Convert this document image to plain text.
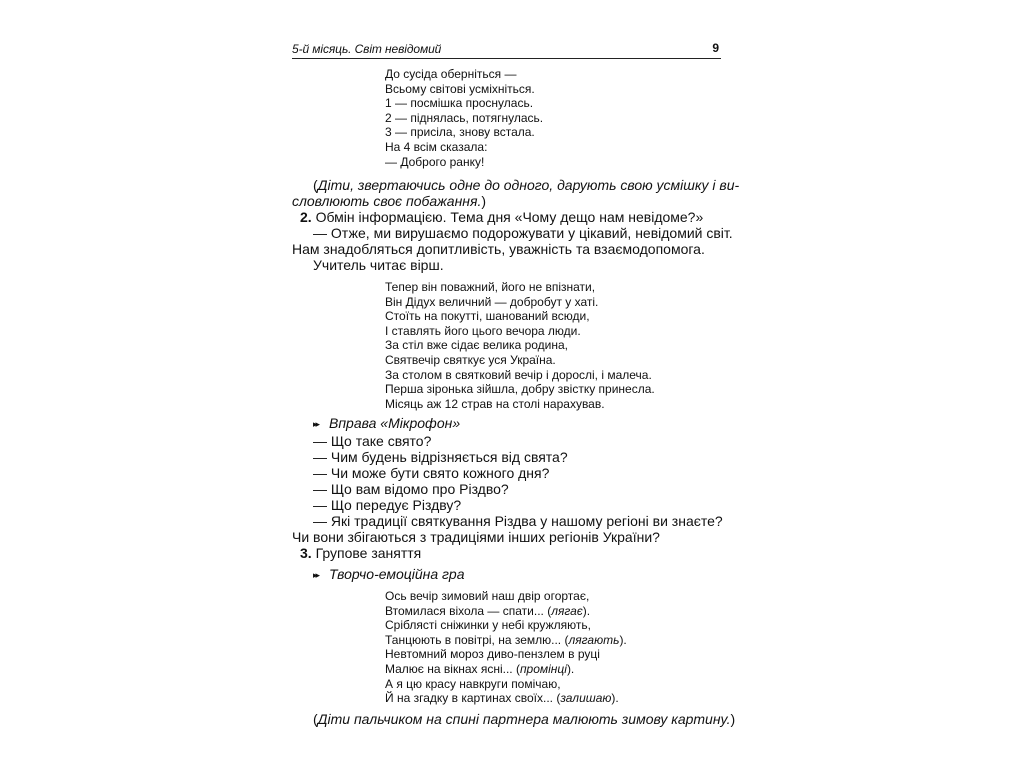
5-й місяць. Світ невідомий	9
До сусіда оберніться —
Всьому світові усміхніться.
1 — посмішка проснулась.
2 — піднялась, потягнулась.
3 — присіла, знову встала.
На 4 всім сказала:
— Доброго ранку!
(Діти, звертаючись одне до одного, дарують свою усмішку і ви-
словлюють своє побажання.)
2. Обмін інформацією. Тема дня «Чому дещо нам невідоме?»
— Отже, ми вирушаємо подорожувати у цікавий, невідомий світ.
Нам знадобляться допитливість, уважність та взаємодопомога.
Учитель читає вірш.
Тепер він поважний, його не впізнати,
Він Дідух величний — добробут у хаті.
Стоїть на покутті, шанований всюди,
І ставлять його цього вечора люди.
За стіл вже сідає велика родина,
Святвечір святкує уся Україна.
За столом в святковий вечір і дорослі, і малеча.
Перша зіронька зійшла, добру звістку принесла.
Місяць аж 12 страв на столі нарахував.
▸▸ Вправа «Мікрофон»
— Що таке свято?
— Чим будень відрізняється від свята?
— Чи може бути свято кожного дня?
— Що вам відомо про Різдво?
— Що передує Різдву?
— Які традиції святкування Різдва у нашому регіоні ви знаєте?
Чи вони збігаються з традиціями інших регіонів України?
3. Групове заняття
▸▸ Творчо-емоційна гра
Ось вечір зимовий наш двір огортає,
Втомилася віхола — спати... (лягає).
Сріблясті сніжинки у небі кружляють,
Танцюють в повітрі, на землю... (лягають).
Невтомний мороз диво-пензлем в руці
Малює на вікнах ясні... (промінці).
А я цю красу навкруги помічаю,
Й на згадку в картинах своїх... (залишаю).
(Діти пальчиком на спині партнера малюють зимову картину.)
